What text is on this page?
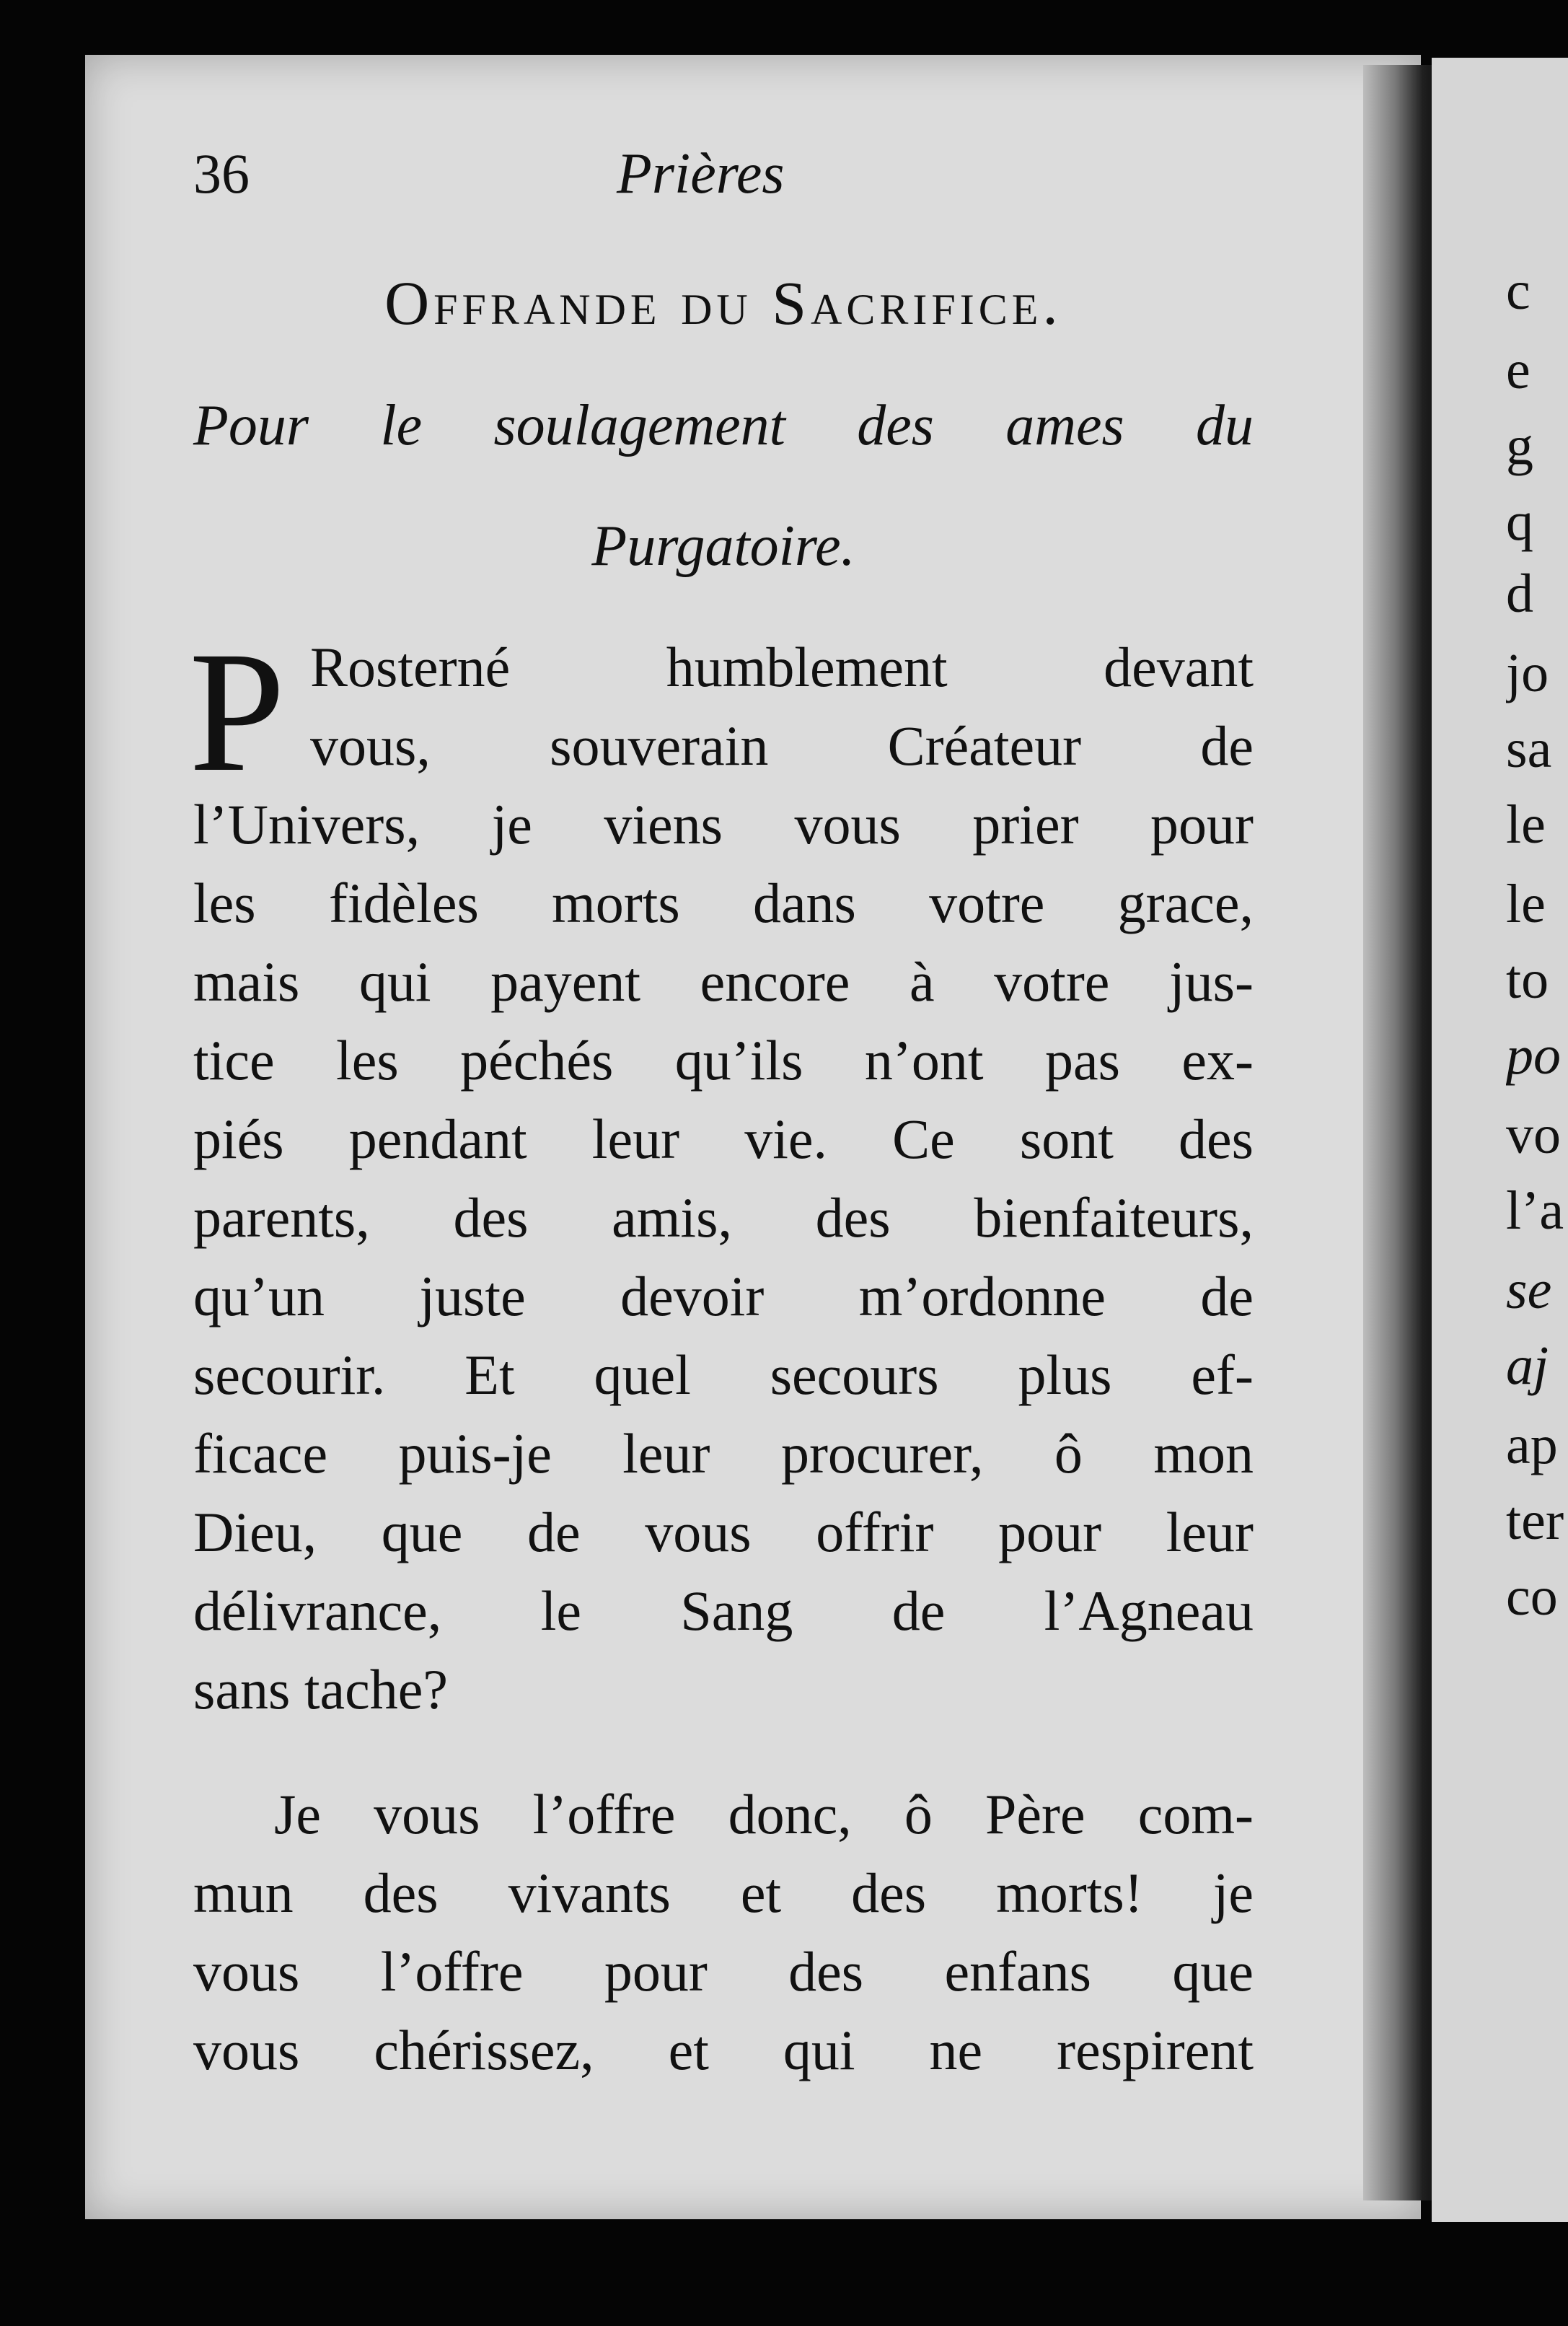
36	Prières
Offrande du Sacrifice.
Pour le soulagement des ames du
Purgatoire.
P Rosterné humblement devant
vous, souverain Créateur de
l’Univers, je viens vous prier pour
les fidèles morts dans votre grace,
mais qui payent encore à votre jus-
tice les péchés qu’ils n’ont pas ex-
piés pendant leur vie. Ce sont des
parents, des amis, des bienfaiteurs,
qu’un juste devoir m’ordonne de
secourir. Et quel secours plus ef-
ficace puis-je leur procurer, ô mon
Dieu, que de vous offrir pour leur
délivrance, le Sang de l’Agneau
sans tache?
Je vous l’offre donc, ô Père com-
mun des vivants et des morts! je
vous l’offre pour des enfans que
vous chérissez, et qui ne respirent
c
e
g
q
d
jo
sa
le
le
to
po
vo
l’a
se
aj
ap
ter
co
